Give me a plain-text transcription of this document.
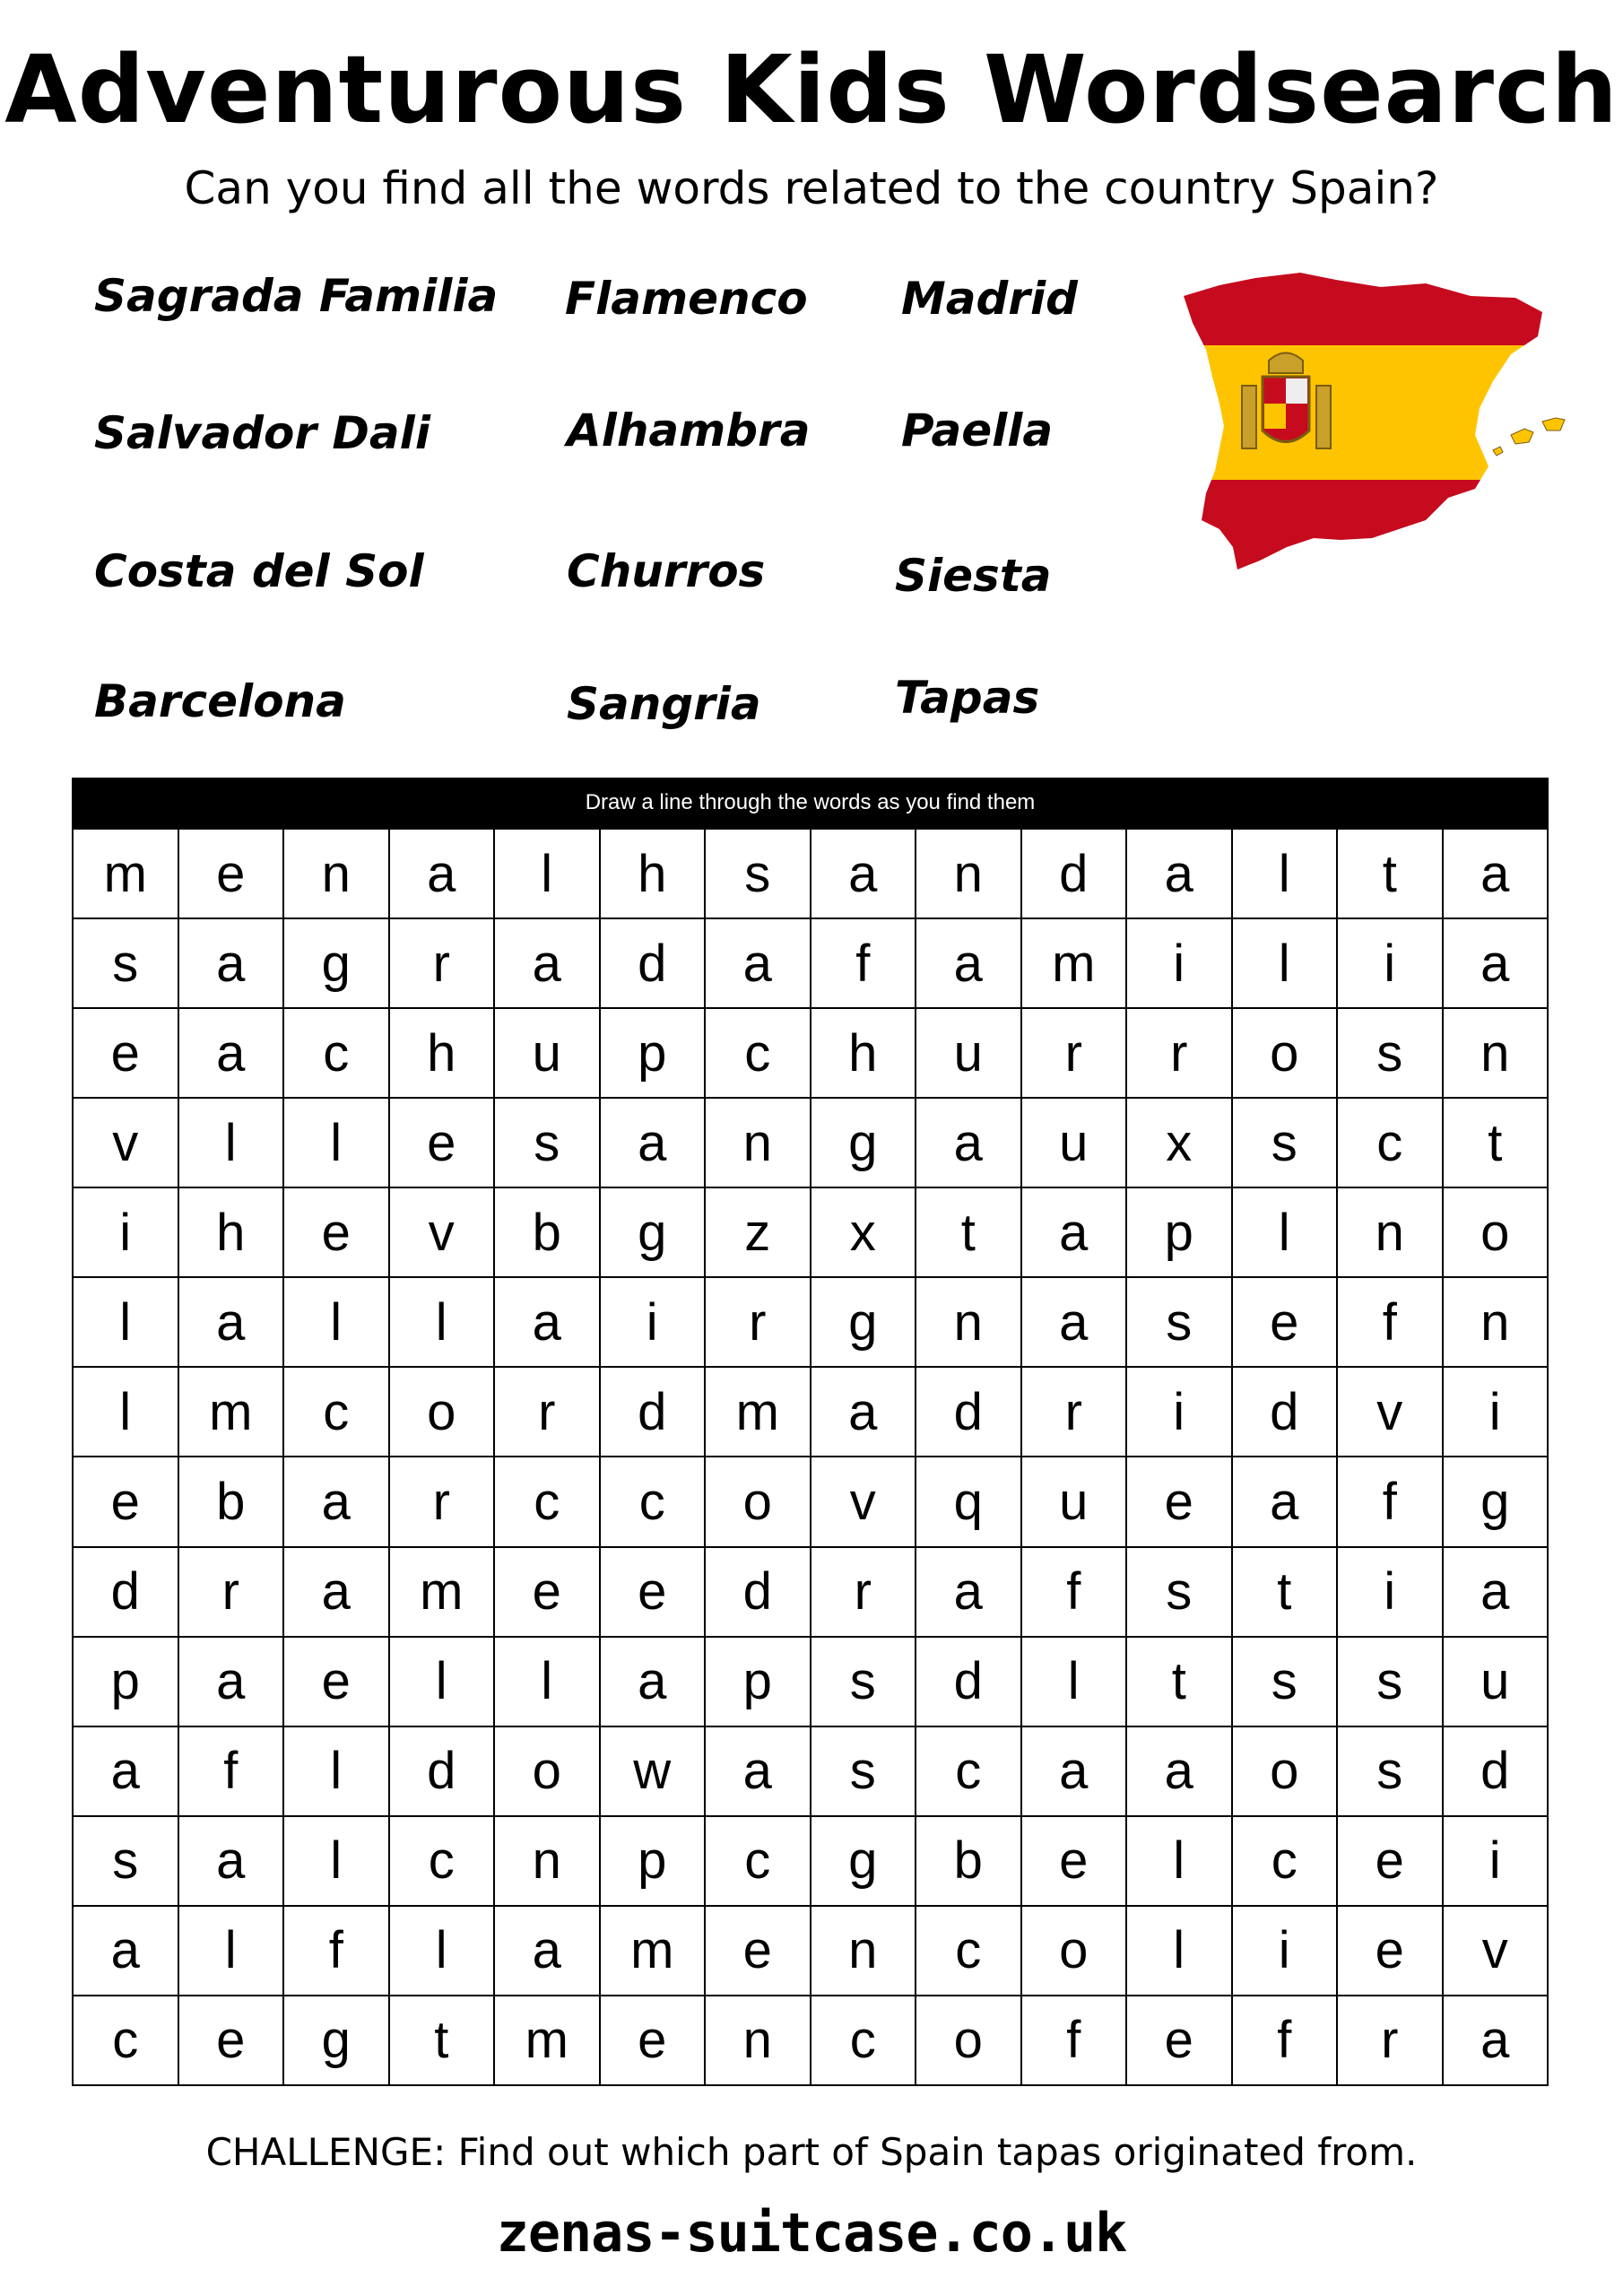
Adventurous Kids Wordsearch
Can you find all the words related to the country Spain?
Sagrada Familia Flamenco Madrid
Salvador Dali	Alhambra Paella
Costa del Sol	Churros	Siesta
Barcelona	Sangria	Tapas
Draw a line through the words as you find them
m	e	n	a	l	h	s	a	n	d	a	l	t	a
s	a	g	r	a	d	a	f	a	m	i	l	i	a
e	a	c	h	u	p	c	h	u	r	r	o	s	n
v	l	l	e	s	a	n	g	a	u	x	s	c	t
i	h	e	v	b	g	z	x	t	a	p	l	n	o
l	a	l	l	a	i	r	g	n	a	s	e	f	n
l	m	c	o	r	d	m	a	d	r	i	d	v	i
e	b	a	r	c	c	o	v	q	u	e	a	f	g
d	r	a	m	e	e	d	r	a	f	s	t	i	a
p	a	e	l	l	a	p	s	d	l	t	s	s	u
a	f	l	d	o	w	a	s	c	a	a	o	s	d
s	a	l	c	n	p	c	g	b	e	l	c	e	i
a	l	f	l	a	m	e	n	c	o	l	i	e	v
c	e	g	t	m	e	n	c	o	f	e	f	r	a
CHALLENGE: Find out which part of Spain tapas originated from.
zenas-suitcase.co.uk
